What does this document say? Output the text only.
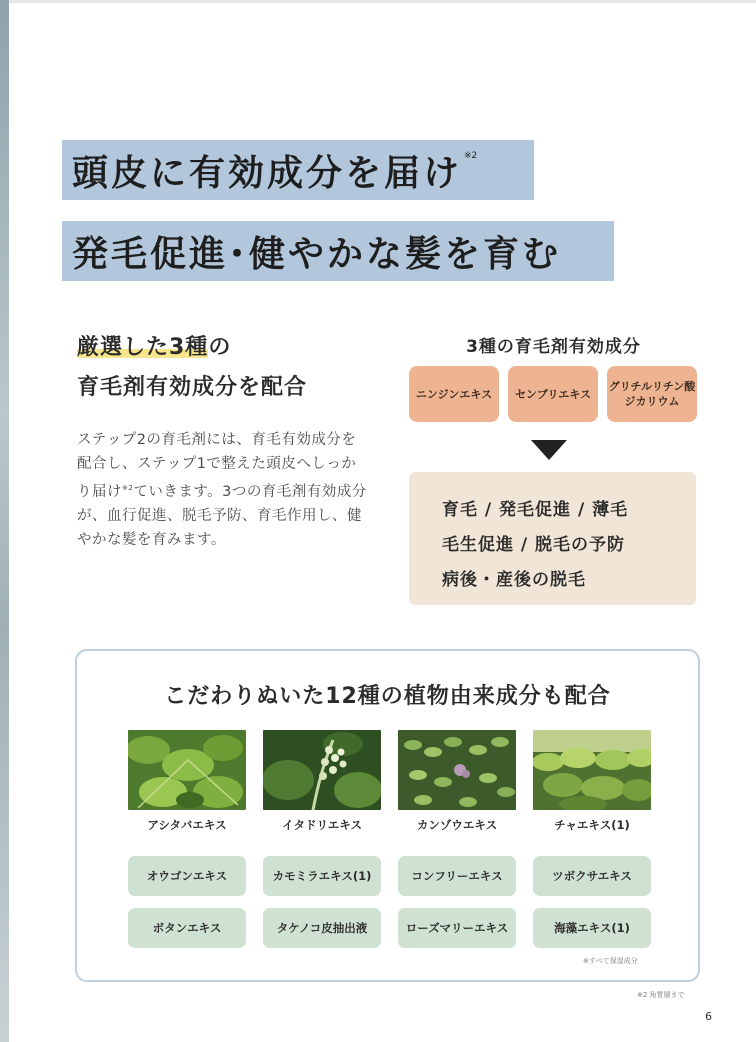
頭皮に有効成分を届け$^{※2}$
発毛促進･健やかな髪を育む
厳選した3種の
育毛剤有効成分を配合
ステップ2の育毛剤には、育毛有効成分を配合し、ステップ1で整えた頭皮へしっかり届け$^{※2}$ていきます。3つの育毛剤有効成分が、血行促進、脱毛予防、育毛作用し、健やかな髪を育みます。
3種の育毛剤有効成分
ニンジンエキス センブリエキス
グリチルリチン酸
ジカリウム
育毛 / 発毛促進 / 薄毛
毛生促進 / 脱毛の予防
病後・産後の脱毛
こだわりぬいた12種の植物由来成分も配合
アシタバエキス	イタドリエキス	カンゾウエキス	チャエキス(1)
オウゴンエキス	カモミラエキス(1)	コンフリーエキス	ツボクサエキス
ボタンエキス	タケノコ皮抽出液	ローズマリーエキス	海藻エキス(1)
※すべて保湿成分
※2 角質層まで
6
